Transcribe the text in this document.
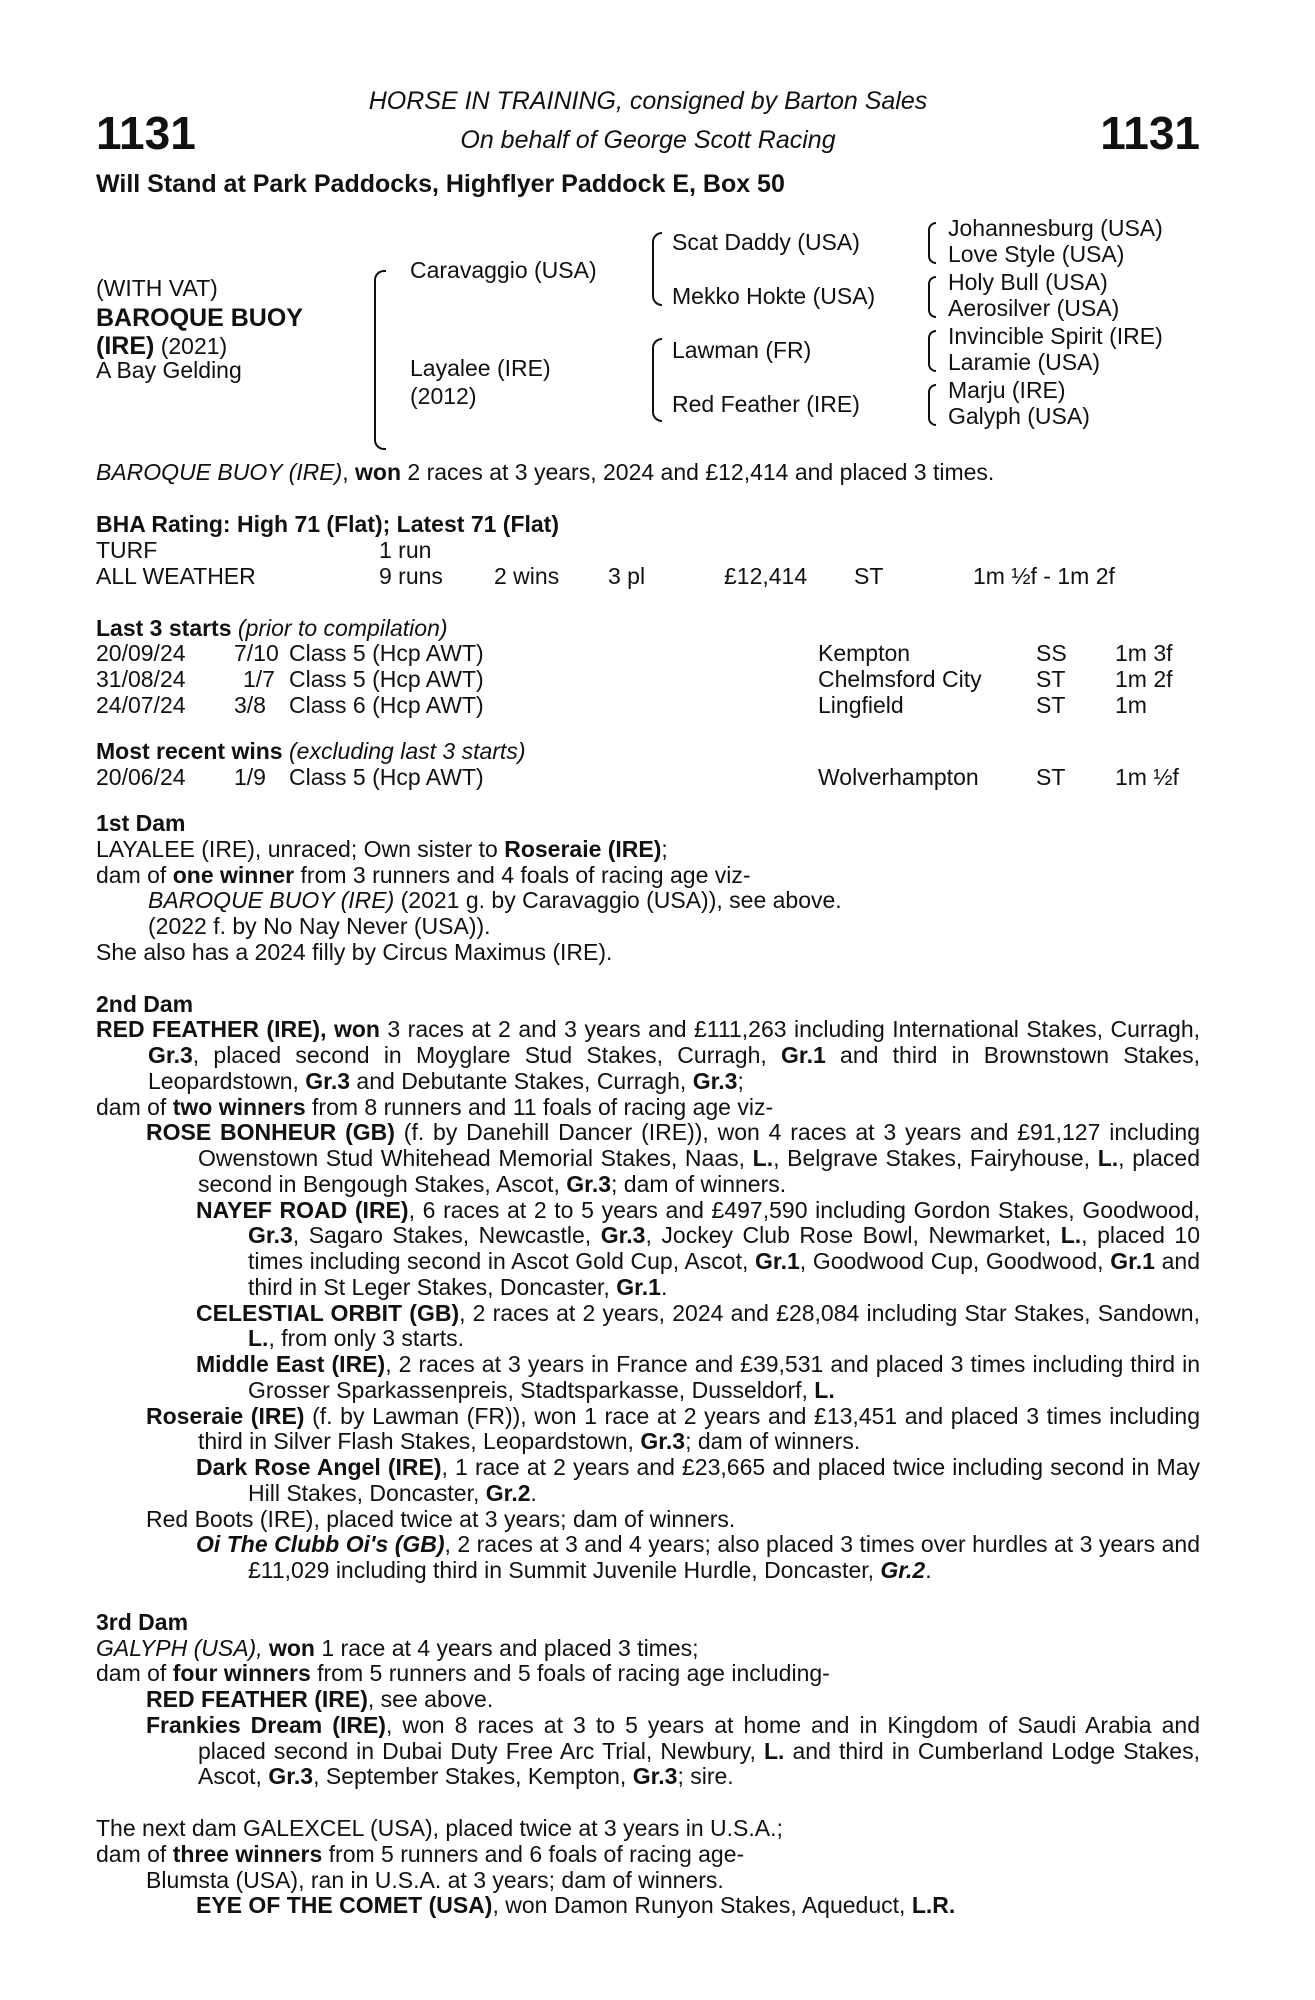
1131
HORSE IN TRAINING, consigned by Barton Sales
On behalf of George Scott Racing	1131
Will Stand at Park Paddocks, Highflyer Paddock E, Box 50
(WITH VAT)
BAROQUE BUOY
(IRE) (2021)
A Bay Gelding
Caravaggio (USA)
Layalee (IRE)
(2012)
Scat Daddy (USA)
Mekko Hokte (USA)
Lawman (FR)
Red Feather (IRE)
Johannesburg (USA)
Love Style (USA)
Holy Bull (USA)
Aerosilver (USA)
Invincible Spirit (IRE)
Laramie (USA)
Marju (IRE)
Galyph (USA)

BAROQUE BUOY (IRE), won 2 races at 3 years, 2024 and £12,414 and placed 3 times.

BHA Rating: High 71 (Flat); Latest 71 (Flat)

TURF	1 run
ALL WEATHER	9 runs 2 wins 3 pl	£12,414 ST	1m ½f - 1m 2f

Last 3 starts (prior to compilation)

20/09/24 7/10 Class 5 (Hcp AWT)	Kempton	SS 1m 3f
31/08/24 1/7 Class 5 (Hcp AWT)	Chelmsford City ST 1m 2f
24/07/24 3/8 Class 6 (Hcp AWT)	Lingfield	ST 1m

Most recent wins (excluding last 3 starts)

20/06/24 1/9 Class 5 (Hcp AWT)	Wolverhampton ST 1m ½f

1st Dam

LAYALEE (IRE), unraced; Own sister to Roseraie (IRE);

dam of one winner from 3 runners and 4 foals of racing age viz-

BAROQUE BUOY (IRE) (2021 g. by Caravaggio (USA)), see above.

(2022 f. by No Nay Never (USA)).

She also has a 2024 filly by Circus Maximus (IRE).

2nd Dam

RED FEATHER (IRE), won 3 races at 2 and 3 years and £111,263 including International Stakes, Curragh, Gr.3, placed second in Moyglare Stud Stakes, Curragh, Gr.1 and third in Brownstown Stakes, Leopardstown, Gr.3 and Debutante Stakes, Curragh, Gr.3;

dam of two winners from 8 runners and 11 foals of racing age viz-

ROSE BONHEUR (GB) (f. by Danehill Dancer (IRE)), won 4 races at 3 years and £91,127 including Owenstown Stud Whitehead Memorial Stakes, Naas, L., Belgrave Stakes, Fairyhouse, L., placed second in Bengough Stakes, Ascot, Gr.3; dam of winners.

NAYEF ROAD (IRE), 6 races at 2 to 5 years and £497,590 including Gordon Stakes, Goodwood, Gr.3, Sagaro Stakes, Newcastle, Gr.3, Jockey Club Rose Bowl, Newmarket, L., placed 10 times including second in Ascot Gold Cup, Ascot, Gr.1, Goodwood Cup, Goodwood, Gr.1 and third in St Leger Stakes, Doncaster, Gr.1.

CELESTIAL ORBIT (GB), 2 races at 2 years, 2024 and £28,084 including Star Stakes, Sandown, L., from only 3 starts.

Middle East (IRE), 2 races at 3 years in France and £39,531 and placed 3 times including third in Grosser Sparkassenpreis, Stadtsparkasse, Dusseldorf, L.

Roseraie (IRE) (f. by Lawman (FR)), won 1 race at 2 years and £13,451 and placed 3 times including third in Silver Flash Stakes, Leopardstown, Gr.3; dam of winners.

Dark Rose Angel (IRE), 1 race at 2 years and £23,665 and placed twice including second in May Hill Stakes, Doncaster, Gr.2.

Red Boots (IRE), placed twice at 3 years; dam of winners.

Oi The Clubb Oi's (GB), 2 races at 3 and 4 years; also placed 3 times over hurdles at 3 years and £11,029 including third in Summit Juvenile Hurdle, Doncaster, Gr.2.

3rd Dam

GALYPH (USA), won 1 race at 4 years and placed 3 times;

dam of four winners from 5 runners and 5 foals of racing age including-

RED FEATHER (IRE), see above.

Frankies Dream (IRE), won 8 races at 3 to 5 years at home and in Kingdom of Saudi Arabia and placed second in Dubai Duty Free Arc Trial, Newbury, L. and third in Cumberland Lodge Stakes, Ascot, Gr.3, September Stakes, Kempton, Gr.3; sire.

The next dam GALEXCEL (USA), placed twice at 3 years in U.S.A.;

dam of three winners from 5 runners and 6 foals of racing age-

Blumsta (USA), ran in U.S.A. at 3 years; dam of winners.

EYE OF THE COMET (USA), won Damon Runyon Stakes, Aqueduct, L.R.
